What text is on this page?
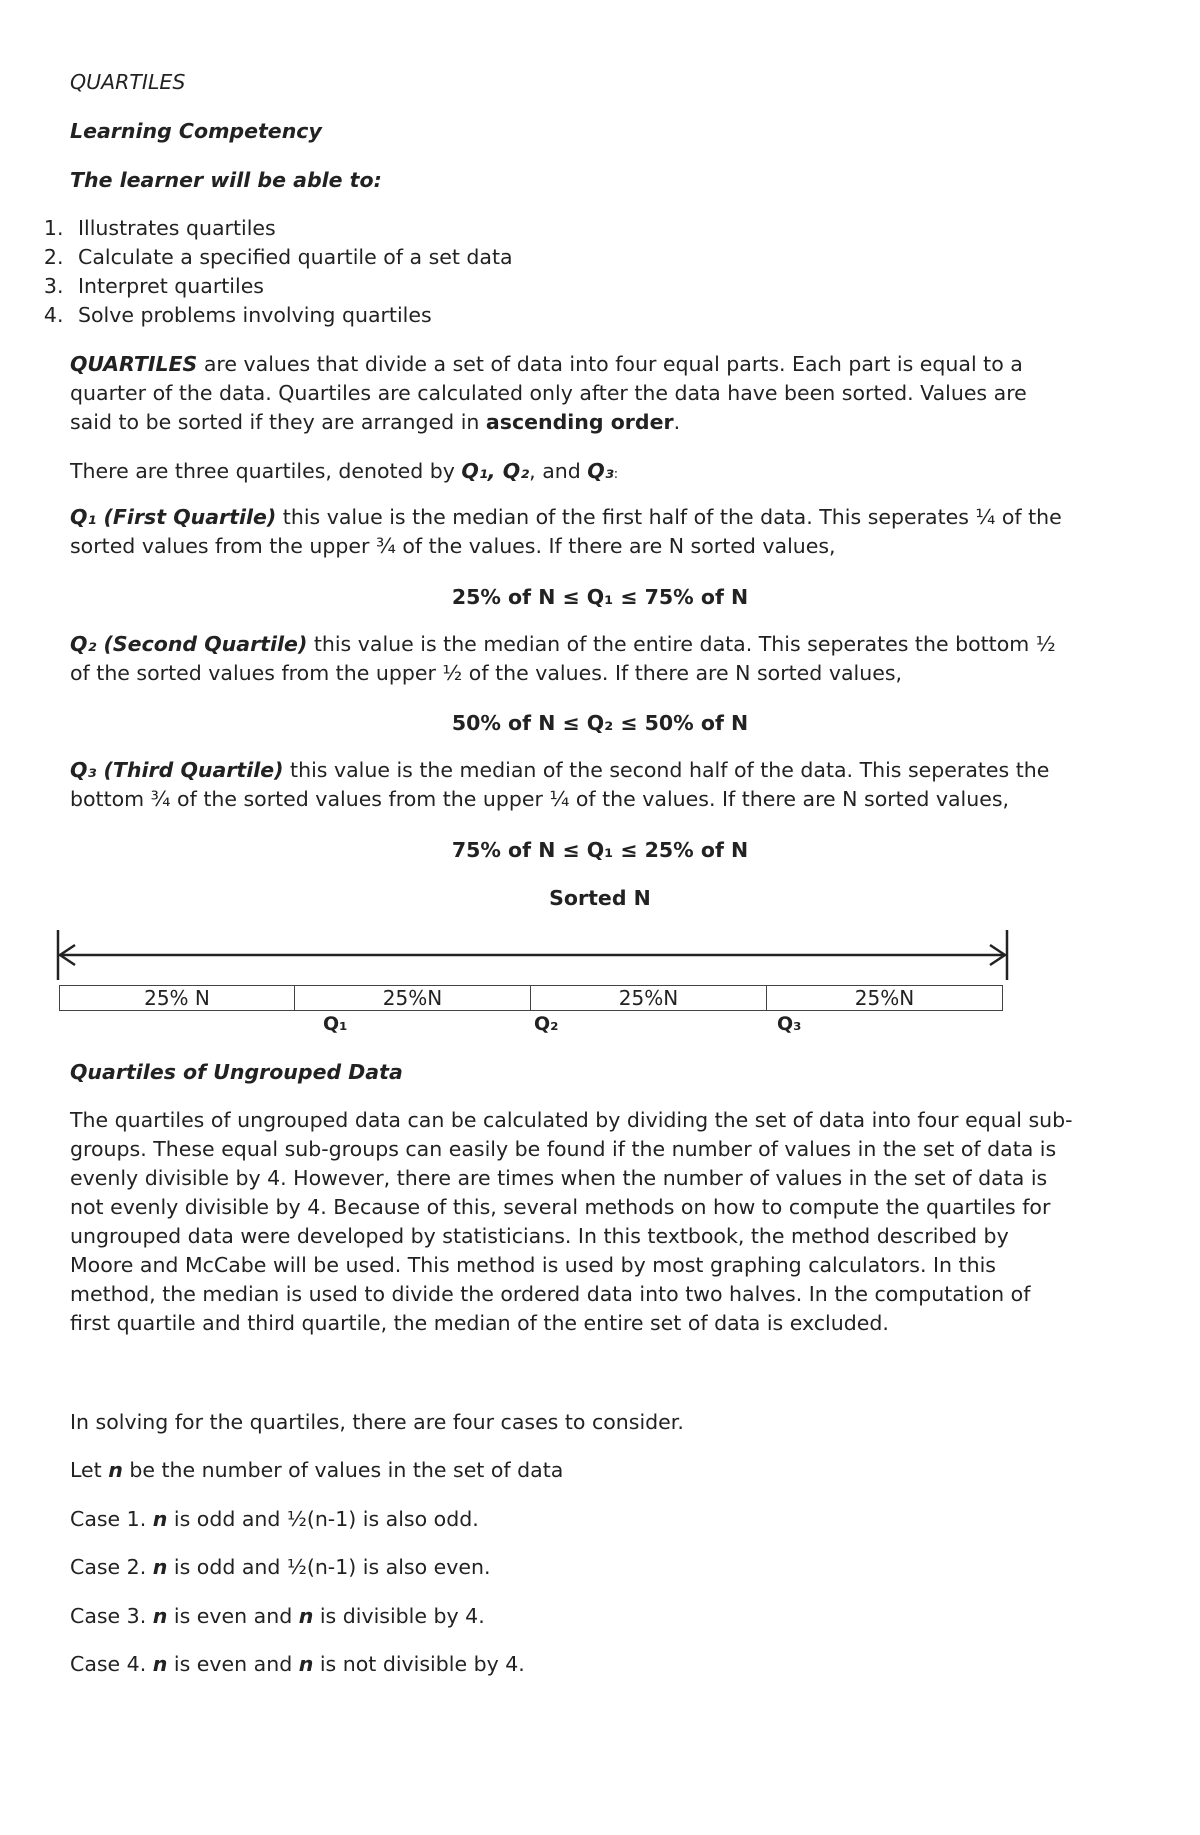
QUARTILES
Learning Competency
The learner will be able to:
1. Illustrates quartiles
2. Calculate a specified quartile of a set data
3. Interpret quartiles
4. Solve problems involving quartiles
QUARTILES are values that divide a set of data into four equal parts. Each part is equal to a
quarter of the data. Quartiles are calculated only after the data have been sorted. Values are
said to be sorted if they are arranged in ascending order.
There are three quartiles, denoted by Q₁, Q₂, and Q₃:
Q₁ (First Quartile) this value is the median of the first half of the data. This seperates ¼ of the
sorted values from the upper ¾ of the values. If there are N sorted values,
25% of N ≤ Q₁ ≤ 75% of N
Q₂ (Second Quartile) this value is the median of the entire data. This seperates the bottom ½
of the sorted values from the upper ½ of the values. If there are N sorted values,
50% of N ≤ Q₂ ≤ 50% of N
Q₃ (Third Quartile) this value is the median of the second half of the data. This seperates the
bottom ¾ of the sorted values from the upper ¼ of the values. If there are N sorted values,
75% of N ≤ Q₁ ≤ 25% of N
Sorted N
25% N	25%N	25%N	25%N
Q₁	Q₂	Q₃
Quartiles of Ungrouped Data
The quartiles of ungrouped data can be calculated by dividing the set of data into four equal sub-
groups. These equal sub-groups can easily be found if the number of values in the set of data is
evenly divisible by 4. However, there are times when the number of values in the set of data is
not evenly divisible by 4. Because of this, several methods on how to compute the quartiles for
ungrouped data were developed by statisticians. In this textbook, the method described by
Moore and McCabe will be used. This method is used by most graphing calculators. In this
method, the median is used to divide the ordered data into two halves. In the computation of
first quartile and third quartile, the median of the entire set of data is excluded.
In solving for the quartiles, there are four cases to consider.
Let n be the number of values in the set of data
Case 1. n is odd and ½(n-1) is also odd.
Case 2. n is odd and ½(n-1) is also even.
Case 3. n is even and n is divisible by 4.
Case 4. n is even and n is not divisible by 4.
